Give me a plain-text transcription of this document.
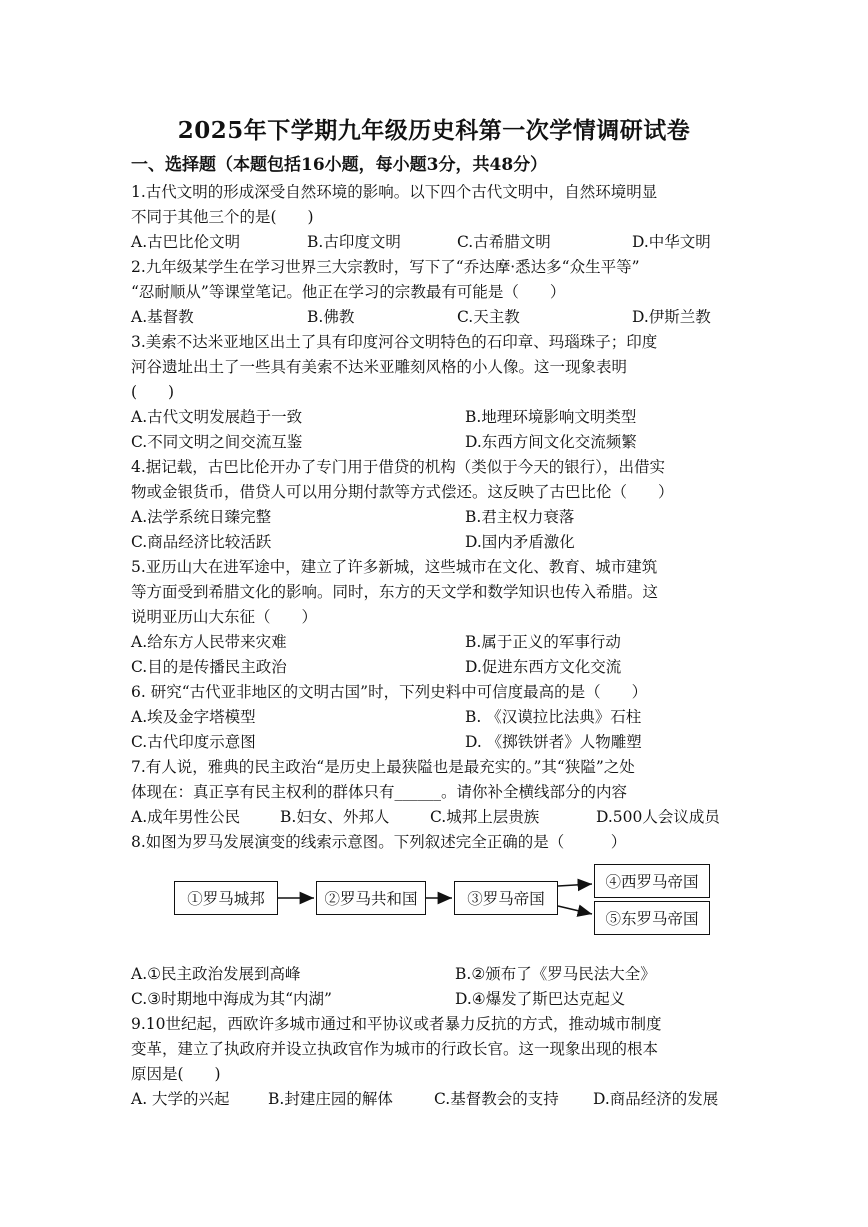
2025年下学期九年级历史科第一次学情调研试卷
一、选择题（本题包括16小题，每小题3分，共48分）
1.古代文明的形成深受自然环境的影响。以下四个古代文明中，自然环境明显
不同于其他三个的是(　　)
A.古巴比伦文明	B.古印度文明	C.古希腊文明	D.中华文明
2.九年级某学生在学习世界三大宗教时，写下了“乔达摩·悉达多“众生平等”
“忍耐顺从”等课堂笔记。他正在学习的宗教最有可能是（　　）
A.基督教	B.佛教	C.天主教	D.伊斯兰教
3.美索不达米亚地区出土了具有印度河谷文明特色的石印章、玛瑙珠子；印度
河谷遗址出土了一些具有美索不达米亚雕刻风格的小人像。这一现象表明
(　　)
A.古代文明发展趋于一致	B.地理环境影响文明类型
C.不同文明之间交流互鉴	D.东西方间文化交流频繁
4.据记载，古巴比伦开办了专门用于借贷的机构（类似于今天的银行），出借实
物或金银货币，借贷人可以用分期付款等方式偿还。这反映了古巴比伦（　　）
A.法学系统日臻完整	B.君主权力衰落
C.商品经济比较活跃	D.国内矛盾激化
5.亚历山大在进军途中，建立了许多新城，这些城市在文化、教育、城市建筑
等方面受到希腊文化的影响。同时，东方的天文学和数学知识也传入希腊。这
说明亚历山大东征（　　）
A.给东方人民带来灾难	B.属于正义的军事行动
C.目的是传播民主政治	D.促进东西方文化交流
6. 研究“古代亚非地区的文明古国”时，下列史料中可信度最高的是（　　）
A.埃及金字塔模型	B. 《汉谟拉比法典》石柱
C.古代印度示意图	D. 《掷铁饼者》人物雕塑
7.有人说，雅典的民主政治“是历史上最狭隘也是最充实的。”其“狭隘”之处
体现在：真正享有民主权利的群体只有______。请你补全横线部分的内容
A.成年男性公民	B.妇女、外邦人	C.城邦上层贵族	D.500人会议成员
8.如图为罗马发展演变的线索示意图。下列叙述完全正确的是（　　　）
①罗马城邦	②罗马共和国	③罗马帝国
④西罗马帝国
⑤东罗马帝国
A.①民主政治发展到高峰	B.②颁布了《罗马民法大全》
C.③时期地中海成为其“内湖”	D.④爆发了斯巴达克起义
9.10世纪起，西欧许多城市通过和平协议或者暴力反抗的方式，推动城市制度
变革，建立了执政府并设立执政官作为城市的行政长官。这一现象出现的根本
原因是(　　)
A. 大学的兴起 B.封建庄园的解体	C.基督教会的支持 D.商品经济的发展
